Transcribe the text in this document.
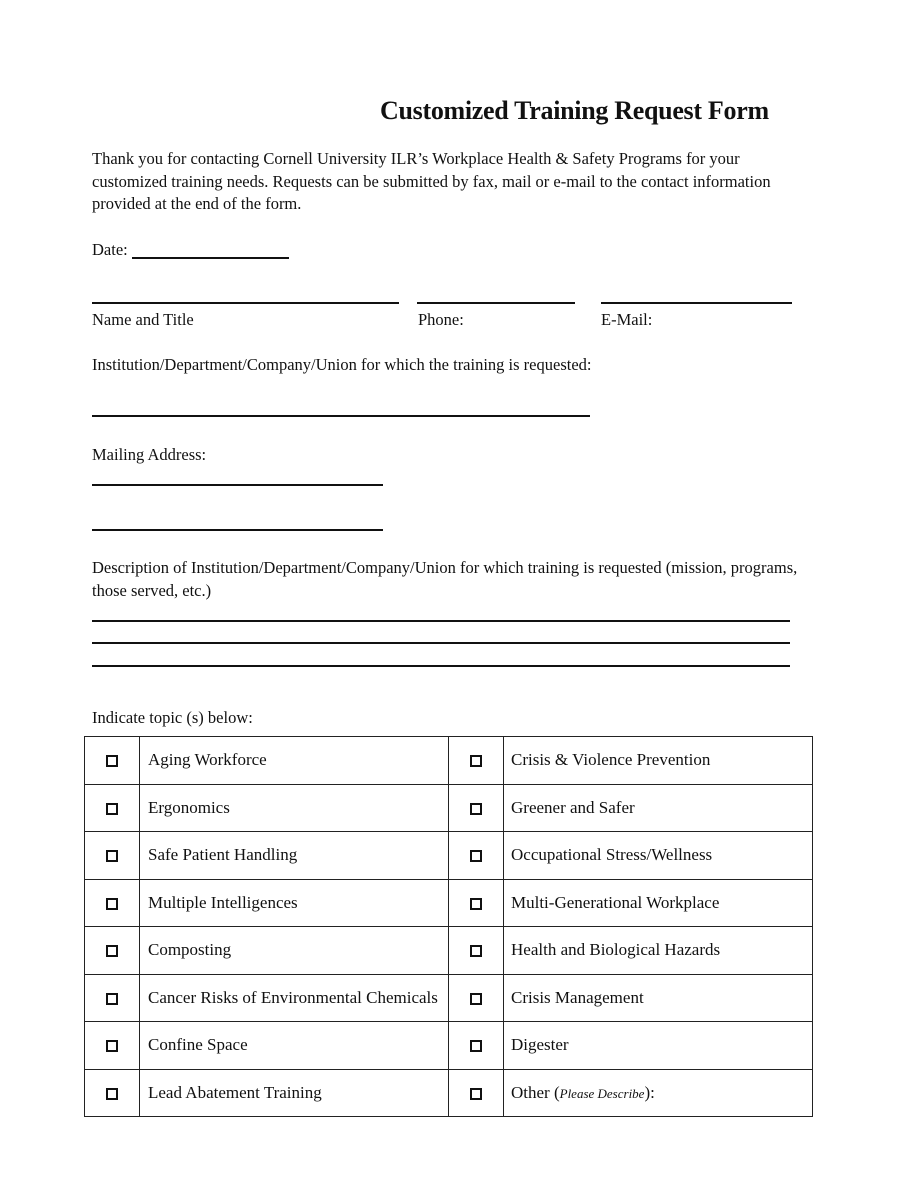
Customized Training Request Form
Thank you for contacting Cornell University ILR’s Workplace Health & Safety Programs for your customized training needs. Requests can be submitted by fax, mail or e-mail to the contact information provided at the end of the form.
Date:
Name and Title	Phone:	E-Mail:
Institution/Department/Company/Union for which the training is requested:
Mailing Address:
Description of Institution/Department/Company/Union for which training is requested (mission, programs,
those served, etc.)
Indicate topic (s) below:
	Aging Workforce		Crisis & Violence Prevention
	Ergonomics		Greener and Safer
	Safe Patient Handling		Occupational Stress/Wellness
	Multiple Intelligences		Multi-Generational Workplace
	Composting		Health and Biological Hazards
	Cancer Risks of Environmental Chemicals		Crisis Management
	Confine Space		Digester
	Lead Abatement Training		Other (Please Describe):
